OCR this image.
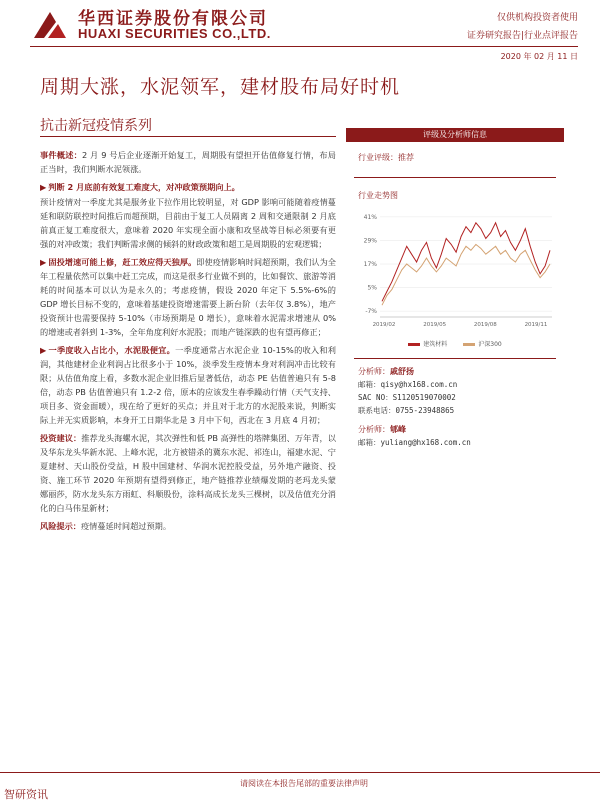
华西证券股份有限公司
HUAXI SECURITIES CO.,LTD.
仅供机构投资者使用
证券研究报告|行业点评报告
2020 年 02 月 11 日
周期大涨，水泥领军，建材股布局好时机
抗击新冠疫情系列

事件概述：2 月 9 号后企业逐渐开始复工，周期股有望担开估值修复行情，布局正当时，我们判断水泥领涨。

▶ 判断 2 月底前有效复工难度大，对冲政策预期向上。

预计疫情对一季度尤其是服务业下拉作用比较明显，对 GDP 影响可能随着疫情蔓延和联防联控时间推后而超预期，目前由于复工人员隔离 2 周和交通限制 2 月底前真正复工难度很大，意味着 2020 年实现全面小康和攻坚战等目标必须要有更强的对冲政策；我们判断需求侧的倾斜的财政政策和超工是周期股的宏观逻辑；

▶ 固投增速可能上修，赶工效应得天独厚。即使疫情影响时间超预期，我们认为全年工程量依然可以集中赶工完成，而这是很多行业做不到的，比如餐饮、旅游等消耗的时间基本可以认为是永久的；考虑疫情，假设 2020 年定下 5.5%-6%的 GDP 增长目标不变的，意味着基建投资增速需要上新台阶（去年仅 3.8%），地产投资预计也需要保持 5-10%（市场预期是 0 增长），意味着水泥需求增速从 0%的增速或者斜到 1-3%，全年角度利好水泥股；而地产链深跌的也有望再修正；

▶ 一季度收入占比小，水泥股便宜。一季度通常占水泥企业 10-15%的收入和利润，其他建材企业利润占比很多小于 10%，淡季发生疫情本身对利润冲击比较有限；从估值角度上看，多数水泥企业旧推后显著低估，动态 PE 估值普遍只有 5-8 倍，动态 PB 估值普遍只有 1.2-2 倍，原本的应该发生春季躁动行情（天气支持、项目多、资金面暖），现在给了更好的买点；并且对于北方的水泥股来说，判断实际上并无实质影响，本身开工日期华北是 3 月中下旬，西北在 3 月底 4 月初；

投资建议：推荐龙头海螺水泥，其次弹性和低 PB 高弹性的塔牌集团、万年青，以及华东龙头华新水泥、上峰水泥，北方被错杀的冀东水泥、祁连山，福建水泥、宁夏建材、天山股份受益，H 股中国建材、华润水泥控股受益，另外地产融资、投资、施工环节 2020 年预期有望得到修正，地产链推荐业绩爆发期的老玛龙头蒙娜丽莎，防水龙头东方雨虹、科顺股份，涂料高成长龙头三棵树，以及估值充分消化的白马伟星新材；

风险提示：疫情蔓延时间超过预期。

评级及分析师信息
行业评级：推荐
行业走势图
41%
29%
17%
5%
-7%
2019/02	2019/05	2019/08	2019/11
建筑材料	沪深300
分析师：戚舒扬
邮箱：qisy@hx168.com.cn
SAC NO：S1120519070002
联系电话：0755-23948865
分析师：郇峰
邮箱：yuliang@hx168.com.cn
请阅读在本报告尾部的重要法律声明
智研资讯
